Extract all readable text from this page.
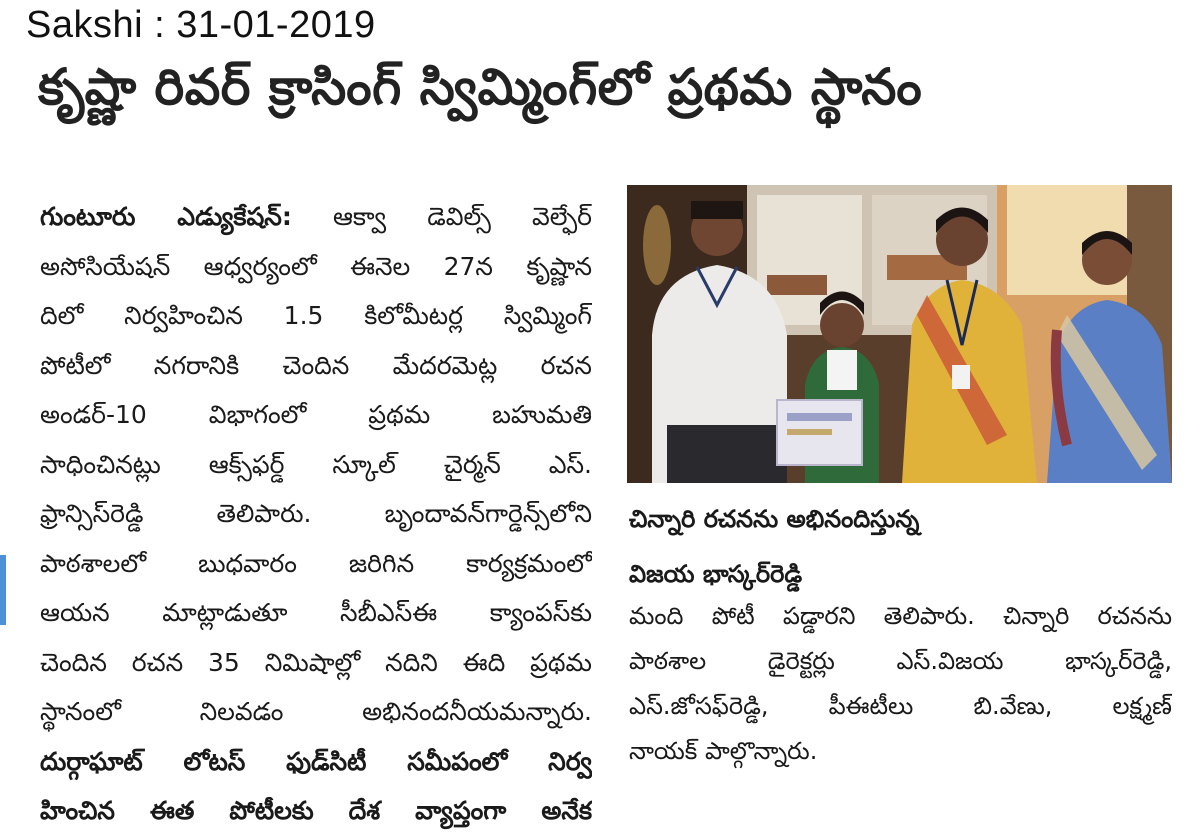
Sakshi : 31-01-2019
కృష్ణా రివర్ క్రాసింగ్ స్విమ్మింగ్‌లో ప్రథమ స్థానం
గుంటూరు ఎడ్యుకేషన్: ఆక్వా డెవిల్స్ వెల్ఫేర్
అసోసియేషన్ ఆధ్వర్యంలో ఈనెల 27న కృష్ణాన
దిలో నిర్వహించిన 1.5 కిలోమీటర్ల స్విమ్మింగ్
పోటీలో నగరానికి చెందిన మేదరమెట్ల రచన
అండర్-10 విభాగంలో ప్రథమ బహుమతి
సాధించినట్లు ఆక్స్‌ఫర్డ్ స్కూల్ చైర్మన్ ఎస్.
ఫ్రాన్సిస్‌రెడ్డి తెలిపారు. బృందావన్‌గార్డెన్స్‌లోని
పాఠశాలలో బుధవారం జరిగిన కార్యక్రమంలో
ఆయన మాట్లాడుతూ సీబీఎస్‌ఈ క్యాంపస్‌కు
చెందిన రచన 35 నిమిషాల్లో నదిని ఈది ప్రథమ
స్థానంలో నిలవడం అభినందనీయమన్నారు.
దుర్గాఘాట్ లోటస్ ఫుడ్‌సిటీ సమీపంలో నిర్వ
హించిన ఈత పోటీలకు దేశ వ్యాప్తంగా అనేక
చిన్నారి రచనను అభినందిస్తున్న
విజయ భాస్కర్‌రెడ్డి
మంది పోటీ పడ్డారని తెలిపారు. చిన్నారి రచనను
పాఠశాల డైరెక్టర్లు ఎస్.విజయ భాస్కర్‌రెడ్డి,
ఎస్.జోసఫ్‌రెడ్డి, పీఈటీలు బి.వేణు, లక్ష్మణ్
నాయక్ పాల్గొన్నారు.
